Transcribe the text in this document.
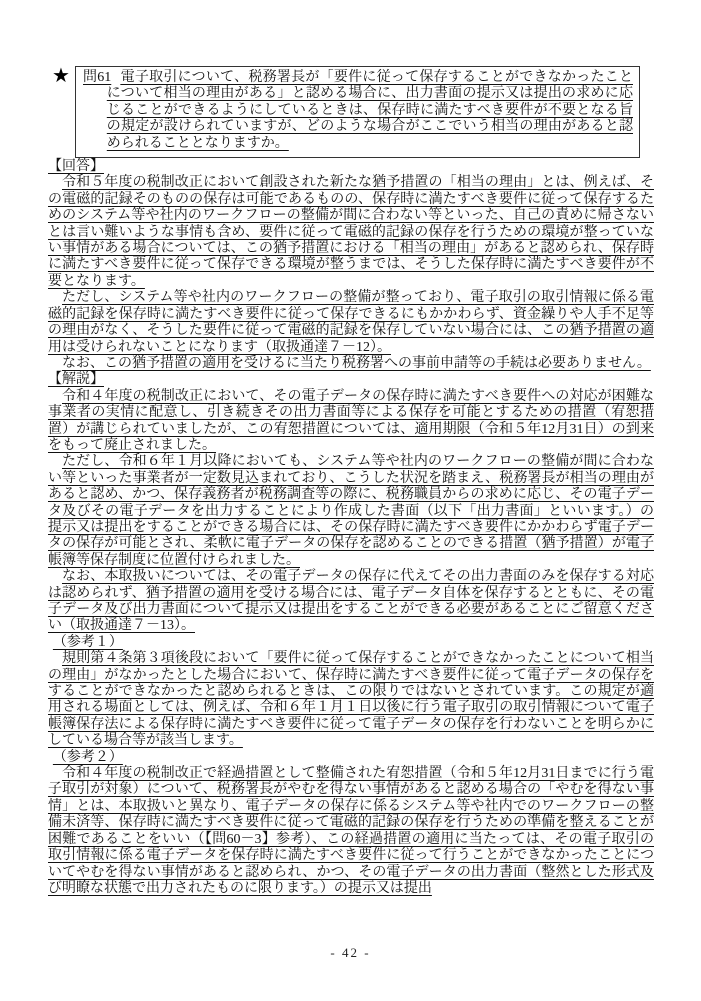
★ 問61 電子取引について、税務署長が「要件に従って保存することができなかったことについて相当の理由がある」と認める場合に、出力書面の提示又は提出の求めに応じることができるようにしているときは、保存時に満たすべき要件が不要となる旨の規定が設けられていますが、どのような場合がここでいう相当の理由があると認められることとなりますか。

【回答】

令和５年度の税制改正において創設された新たな猶予措置の「相当の理由」とは、例えば、その電磁的記録そのものの保存は可能であるものの、保存時に満たすべき要件に従って保存するためのシステム等や社内のワークフローの整備が間に合わない等といった、自己の責めに帰さないとは言い難いような事情も含め、要件に従って電磁的記録の保存を行うための環境が整っていない事情がある場合については、この猶予措置における「相当の理由」があると認められ、保存時に満たすべき要件に従って保存できる環境が整うまでは、そうした保存時に満たすべき要件が不要となります。

ただし、システム等や社内のワークフローの整備が整っており、電子取引の取引情報に係る電磁的記録を保存時に満たすべき要件に従って保存できるにもかかわらず、資金繰りや人手不足等の理由がなく、そうした要件に従って電磁的記録を保存していない場合には、この猶予措置の適用は受けられないことになります（取扱通達７－12）。

なお、この猶予措置の適用を受けるに当たり税務署への事前申請等の手続は必要ありません。

【解説】

令和４年度の税制改正において、その電子データの保存時に満たすべき要件への対応が困難な事業者の実情に配意し、引き続きその出力書面等による保存を可能とするための措置（宥恕措置）が講じられていましたが、この宥恕措置については、適用期限（令和５年12月31日）の到来をもって廃止されました。

ただし、令和６年１月以降においても、システム等や社内のワークフローの整備が間に合わない等といった事業者が一定数見込まれており、こうした状況を踏まえ、税務署長が相当の理由があると認め、かつ、保存義務者が税務調査等の際に、税務職員からの求めに応じ、その電子データ及びその電子データを出力することにより作成した書面（以下「出力書面」といいます。）の提示又は提出をすることができる場合には、その保存時に満たすべき要件にかかわらず電子データの保存が可能とされ、柔軟に電子データの保存を認めることのできる措置（猶予措置）が電子帳簿等保存制度に位置付けられました。

なお、本取扱いについては、その電子データの保存に代えてその出力書面のみを保存する対応は認められず、猶予措置の適用を受ける場合には、電子データ自体を保存するとともに、その電子データ及び出力書面について提示又は提出をすることができる必要があることにご留意ください（取扱通達７－13）。

（参考１）

規則第４条第３項後段において「要件に従って保存することができなかったことについて相当の理由」がなかったとした場合において、保存時に満たすべき要件に従って電子データの保存をすることができなかったと認められるときは、この限りではないとされています。この規定が適用される場面としては、例えば、令和６年１月１日以後に行う電子取引の取引情報について電子帳簿保存法による保存時に満たすべき要件に従って電子データの保存を行わないことを明らかにしている場合等が該当します。

（参考２）

令和４年度の税制改正で経過措置として整備された宥恕措置（令和５年12月31日までに行う電子取引が対象）について、税務署長がやむを得ない事情があると認める場合の「やむを得ない事情」とは、本取扱いと異なり、電子データの保存に係るシステム等や社内でのワークフローの整備未済等、保存時に満たすべき要件に従って電磁的記録の保存を行うための準備を整えることが困難であることをいい（【問60－3】参考）、この経過措置の適用に当たっては、その電子取引の取引情報に係る電子データを保存時に満たすべき要件に従って行うことができなかったことについてやむを得ない事情があると認められ、かつ、その電子データの出力書面（整然とした形式及び明瞭な状態で出力されたものに限ります。）の提示又は提出

- 42 -
